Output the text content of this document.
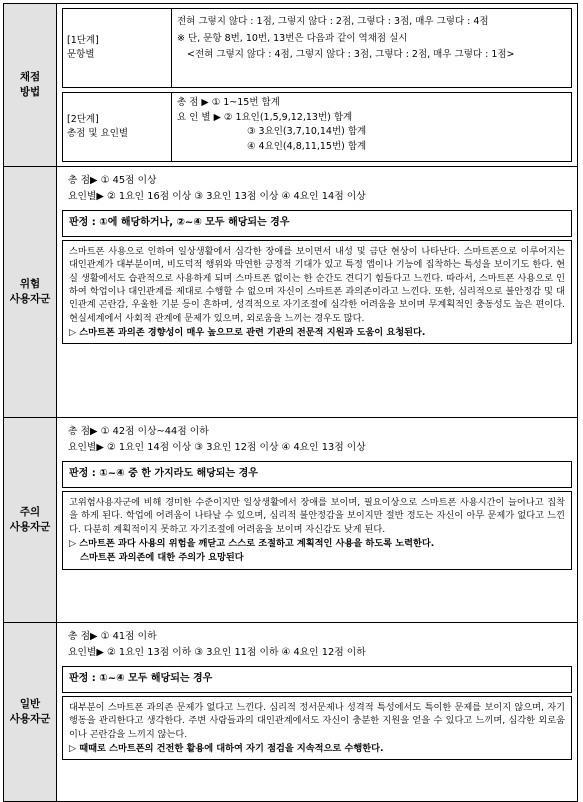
채점
방법
[1단계]
문항별
전혀 그렇지 않다 : 1점, 그렇지 않다 : 2점, 그렇다 : 3점, 매우 그렇다 : 4점
※ 단, 문항 8번, 10번, 13번은 다음과 같이 역채점 실시
<전혀 그렇지 않다 : 4점, 그렇지 않다 : 3점, 그렇다 : 2점, 매우 그렇다 : 1점>
[2단계]
총점 및 요인별
총 점 ▶ ① 1~15번 합계
요 인 별 ▶ ② 1요인(1,5,9,12,13번) 합계
③ 3요인(3,7,10,14번) 합계
④ 4요인(4,8,11,15번) 합계
위험
사용자군
총 점▶ ① 45점 이상
요인별▶ ② 1요인 16점 이상 ③ 3요인 13점 이상 ④ 4요인 14점 이상
판정 : ①에 해당하거나, ②~④ 모두 해당되는 경우

스마트폰 사용으로 인하여 일상생활에서 심각한 장애를 보이면서 내성 및 금단 현상이 나타난다. 스마트폰으로 이루어지는 대인관계가 대부분이며, 비도덕적 행위와 막연한 긍정적 기대가 있고 특정 앱이나 기능에 집착하는 특성을 보이기도 한다. 현실 생활에서도 습관적으로 사용하게 되며 스마트폰 없이는 한 순간도 견디기 힘들다고 느낀다. 따라서, 스마트폰 사용으로 인하여 학업이나 대인관계를 제대로 수행할 수 없으며 자신이 스마트폰 과의존이라고 느낀다. 또한, 심리적으로 불안정감 및 대인관계 곤란감, 우울한 기분 등이 흔하며, 성격적으로 자기조절에 심각한 어려움을 보이며 무계획적인 충동성도 높은 편이다. 현실세계에서 사회적 관계에 문제가 있으며, 외로움을 느끼는 경우도 많다.

▷ 스마트폰 과의존 경향성이 매우 높으므로 관련 기관의 전문적 지원과 도움이 요청된다.
주의
사용자군
총 점▶ ① 42점 이상~44점 이하
요인별▶ ② 1요인 14점 이상 ③ 3요인 12점 이상 ④ 4요인 13점 이상
판정 : ①~④ 중 한 가지라도 해당되는 경우

고위험사용자군에 비해 경미한 수준이지만 일상생활에서 장애를 보이며, 필요이상으로 스마트폰 사용시간이 늘어나고 집착을 하게 된다. 학업에 어려움이 나타날 수 있으며, 심리적 불안정감을 보이지만 절반 정도는 자신이 아무 문제가 없다고 느낀다. 다분히 계획적이지 못하고 자기조절에 어려움을 보이며 자신감도 낮게 된다.

▷ 스마트폰 과다 사용의 위험을 깨닫고 스스로 조절하고 계획적인 사용을 하도록 노력한다.
스마트폰 과의존에 대한 주의가 요망된다
일반
사용자군
총 점▶ ① 41점 이하
요인별▶ ② 1요인 13점 이하 ③ 3요인 11점 이하 ④ 4요인 12점 이하
판정 : ①~④ 모두 해당되는 경우

대부분이 스마트폰 과의존 문제가 없다고 느낀다. 심리적 정서문제나 성격적 특성에서도 특이한 문제를 보이지 않으며, 자기행동을 관리한다고 생각한다. 주변 사람들과의 대인관계에서도 자신이 충분한 지원을 얻을 수 있다고 느끼며, 심각한 외로움이나 곤란감을 느끼지 않는다.

▷ 때때로 스마트폰의 건전한 활용에 대하여 자기 점검을 지속적으로 수행한다.
